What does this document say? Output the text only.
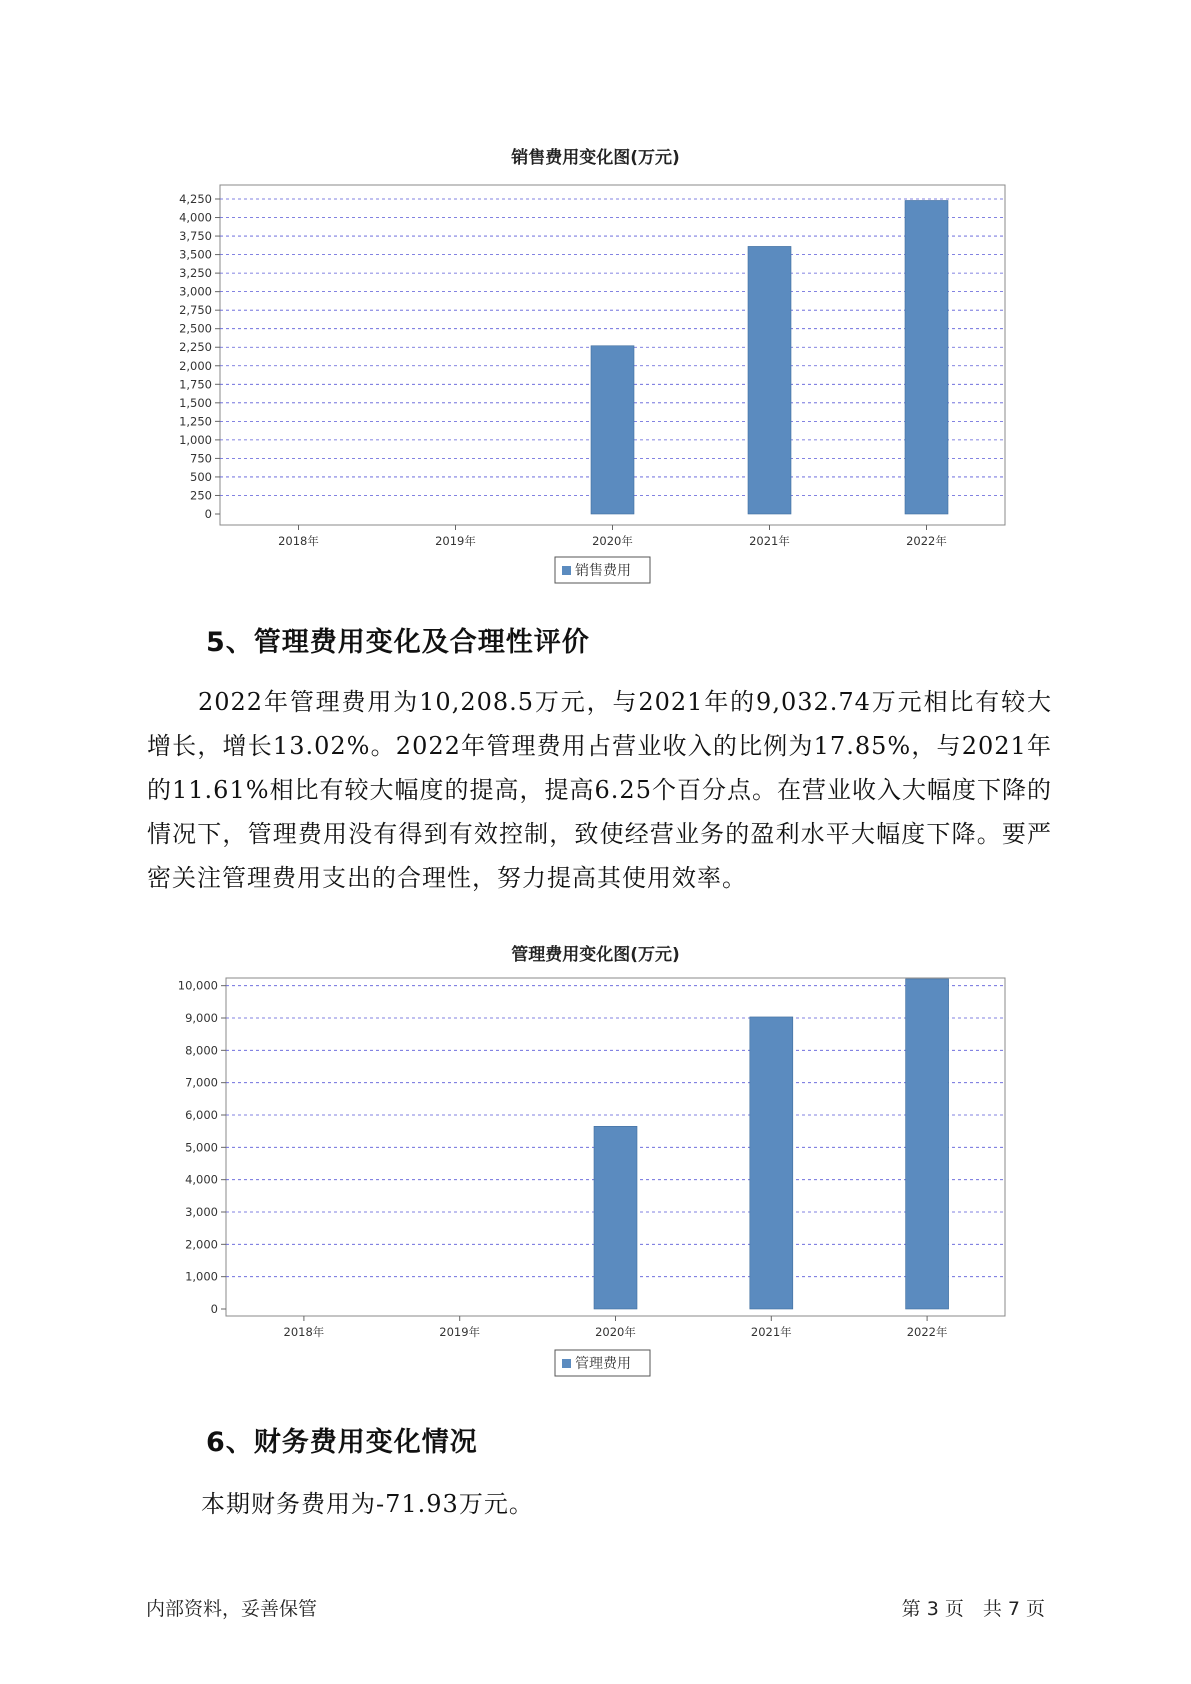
销售费用变化图(万元)
0
250
500
750
1,000
1,250
1,500
1,750
2,000
2,250
2,500
2,750
3,000
3,250
3,500
3,750
4,000
4,250
2018年	2019年	2020年	2021年	2022年
销售费用
5、管理费用变化及合理性评价
2022年管理费用为10,208.5万元，与2021年的9,032.74万元相比有较大增长，增长13.02%。2022年管理费用占营业收入的比例为17.85%，与2021年的11.61%相比有较大幅度的提高，提高6.25个百分点。在营业收入大幅度下降的情况下，管理费用没有得到有效控制，致使经营业务的盈利水平大幅度下降。要严密关注管理费用支出的合理性，努力提高其使用效率。
管理费用变化图(万元)
0
1,000
2,000
3,000
4,000
5,000
6,000
7,000
8,000
9,000
10,000
2018年	2019年	2020年	2021年	2022年
管理费用
6、财务费用变化情况
本期财务费用为-71.93万元。
内部资料，妥善保管	第 3 页　共 7 页
